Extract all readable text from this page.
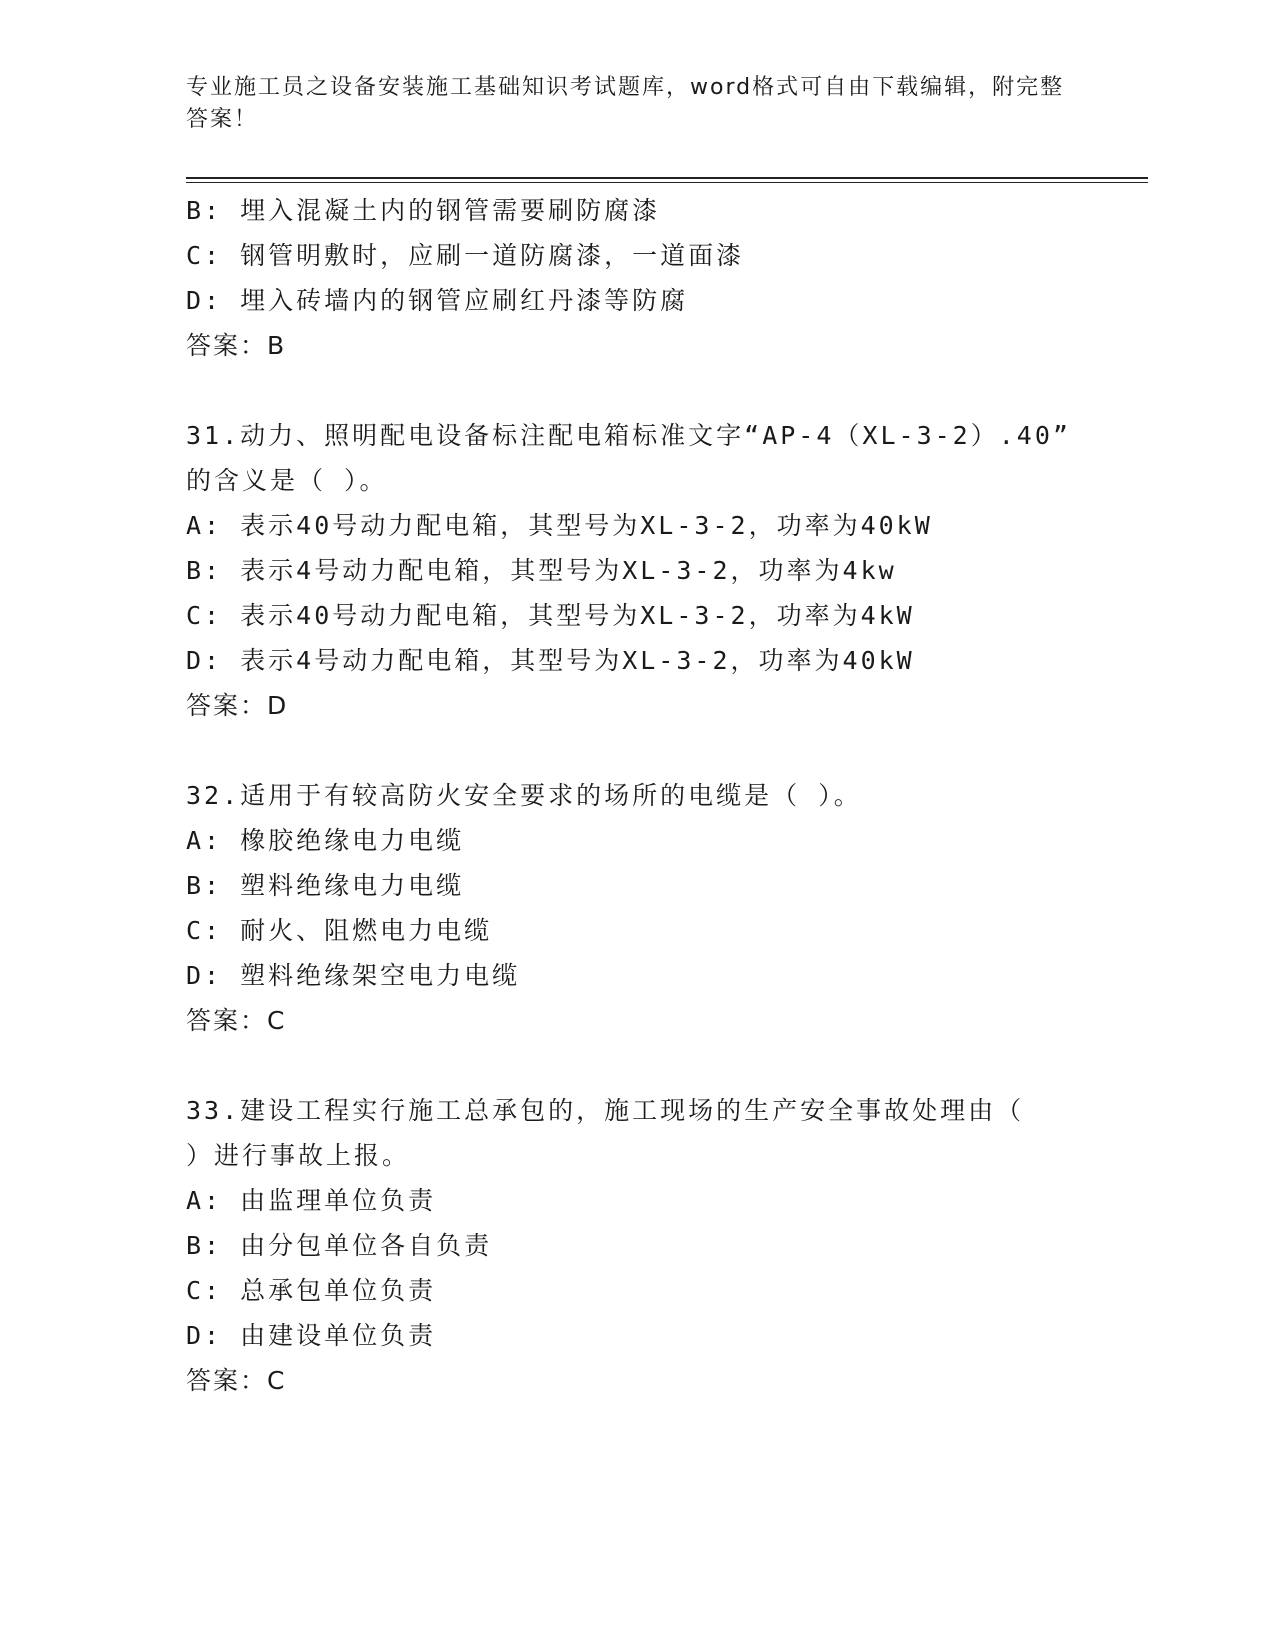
专业施工员之设备安装施工基础知识考试题库，word格式可自由下载编辑，附完整答案！
B: 埋入混凝土内的钢管需要刷防腐漆
C: 钢管明敷时，应刷一道防腐漆，一道面漆
D: 埋入砖墙内的钢管应刷红丹漆等防腐
答案：B
31.动力、照明配电设备标注配电箱标准文字“AP-4（XL-3-2）.40”
的含义是（ ）。
A: 表示40号动力配电箱，其型号为XL-3-2，功率为40kW
B: 表示4号动力配电箱，其型号为XL-3-2，功率为4kw
C: 表示40号动力配电箱，其型号为XL-3-2，功率为4kW
D: 表示4号动力配电箱，其型号为XL-3-2，功率为40kW
答案：D
32.适用于有较高防火安全要求的场所的电缆是（ ）。
A: 橡胶绝缘电力电缆
B: 塑料绝缘电力电缆
C: 耐火、阻燃电力电缆
D: 塑料绝缘架空电力电缆
答案：C
33.建设工程实行施工总承包的，施工现场的生产安全事故处理由（
）进行事故上报。
A: 由监理单位负责
B: 由分包单位各自负责
C: 总承包单位负责
D: 由建设单位负责
答案：C
